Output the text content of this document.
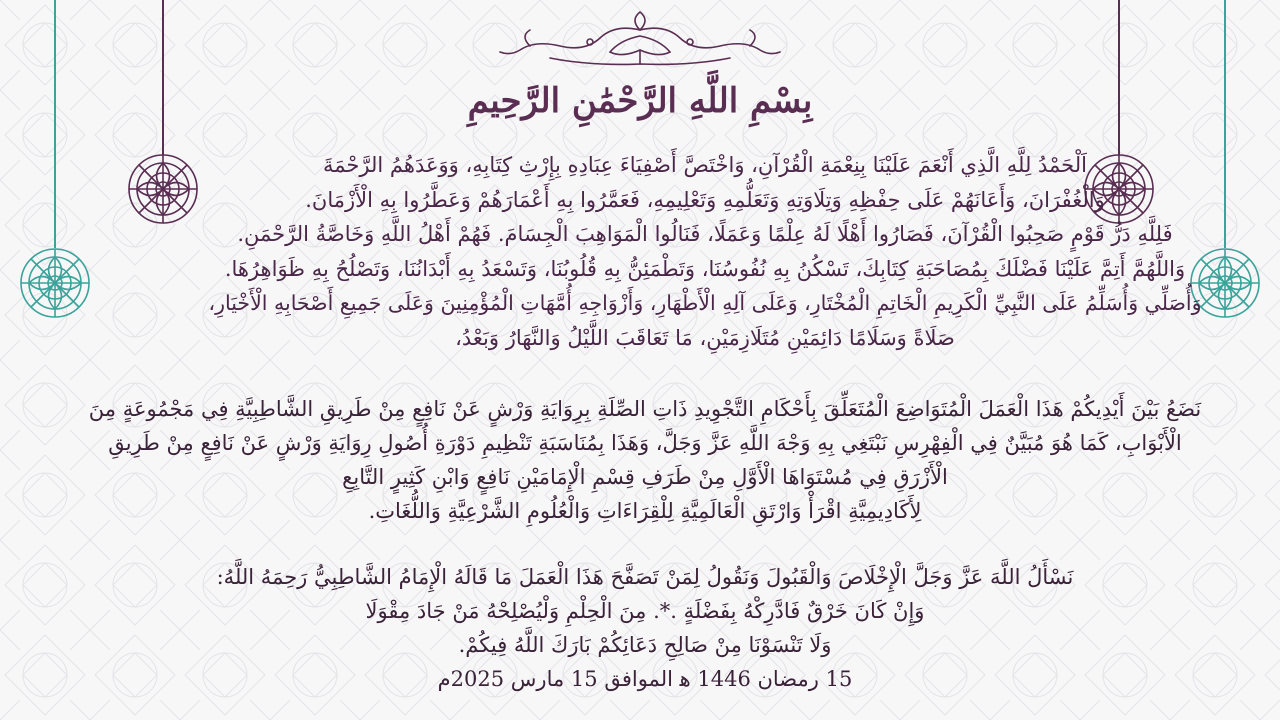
بِسْمِ اللَّهِ الرَّحْمَٰنِ الرَّحِيمِ
اَلْحَمْدُ لِلَّهِ الَّذِي أَنْعَمَ عَلَيْنَا بِنِعْمَةِ الْقُرْآنِ، وَاخْتَصَّ أَصْفِيَاءَ عِبَادِهِ بِإِرْثِ كِتَابِهِ، وَوَعَدَهُمُ الرَّحْمَةَ
وَالْغُفْرَانَ، وَأَعَانَهُمْ عَلَى حِفْظِهِ وَتِلَاوَتِهِ وَتَعَلُّمِهِ وَتَعْلِيمِهِ، فَعَمَّرُوا بِهِ أَعْمَارَهُمْ وَعَطَّرُوا بِهِ الْأَزْمَانَ.
فَلِلَّهِ دَرُّ قَوْمٍ صَحِبُوا الْقُرْآنَ، فَصَارُوا أَهْلًا لَهُ عِلْمًا وَعَمَلًا، فَنَالُوا الْمَوَاهِبَ الْجِسَامَ. فَهُمْ أَهْلُ اللَّهِ وَخَاصَّةُ الرَّحْمَنِ.
وَاللَّهُمَّ أَتِمَّ عَلَيْنَا فَضْلَكَ بِمُصَاحَبَةِ كِتَابِكَ، تَسْكُنُ بِهِ نُفُوسُنَا، وَتَطْمَئِنُّ بِهِ قُلُوبُنَا، وَتَسْعَدُ بِهِ أَبْدَانُنَا، وَتَصْلُحُ بِهِ ظَوَاهِرُهَا.
وَأُصَلِّي وَأُسَلِّمُ عَلَى النَّبِيِّ الْكَرِيمِ الْخَاتِمِ الْمُخْتَارِ، وَعَلَى آلِهِ الْأَطْهَارِ، وَأَزْوَاجِهِ أُمَّهَاتِ الْمُؤْمِنِينَ وَعَلَى جَمِيعِ أَصْحَابِهِ الْأَخْيَارِ،
صَلَاةً وَسَلَامًا دَائِمَيْنِ مُتَلَازِمَيْنِ، مَا تَعَاقَبَ اللَّيْلُ وَالنَّهَارُ وَبَعْدُ،
نَضَعُ بَيْنَ أَيْدِيكُمْ هَذَا الْعَمَلَ الْمُتَوَاضِعَ الْمُتَعَلِّقَ بِأَحْكَامِ التَّجْوِيدِ ذَاتِ الصِّلَةِ بِرِوَايَةِ وَرْشٍ عَنْ نَافِعٍ مِنْ طَرِيقِ الشَّاطِبِيَّةِ فِي مَجْمُوعَةٍ مِنَ
الْأَبْوَابِ، كَمَا هُوَ مُبَيَّنٌ فِي الْفِهْرِسِ نَبْتَغِي بِهِ وَجْهَ اللَّهِ عَزَّ وَجَلَّ، وَهَذَا بِمُنَاسَبَةِ تَنْظِيمِ دَوْرَةِ أُصُولِ رِوَايَةِ وَرْشٍ عَنْ نَافِعٍ مِنْ طَرِيقِ
الْأَزْرَقِ فِي مُسْتَوَاهَا الْأَوَّلِ مِنْ طَرَفِ قِسْمِ الْإِمَامَيْنِ نَافِعٍ وَابْنِ كَثِيرٍ التَّابِعِ
لِأَكَادِيمِيَّةِ اقْرَأْ وَارْتَقِ الْعَالَمِيَّةِ لِلْقِرَاءَاتِ وَالْعُلُومِ الشَّرْعِيَّةِ وَاللُّغَاتِ.
نَسْأَلُ اللَّهَ عَزَّ وَجَلَّ الْإِخْلَاصَ وَالْقَبُولَ وَنَقُولُ لِمَنْ تَصَفَّحَ هَذَا الْعَمَلَ مَا قَالَهُ الْإِمَامُ الشَّاطِبِيُّ رَحِمَهُ اللَّهُ:
وَإِنْ كَانَ خَرْقٌ فَادَّرِكْهُ بِفَضْلَةٍ .*. مِنَ الْحِلْمِ وَلْيُصْلِحْهُ مَنْ جَادَ مِقْوَلَا
وَلَا تَنْسَوْنَا مِنْ صَالِحِ دَعَائِكُمْ بَارَكَ اللَّهُ فِيكُمْ.
15 رمضان 1446 ﻫ الموافق 15 مارس 2025م
